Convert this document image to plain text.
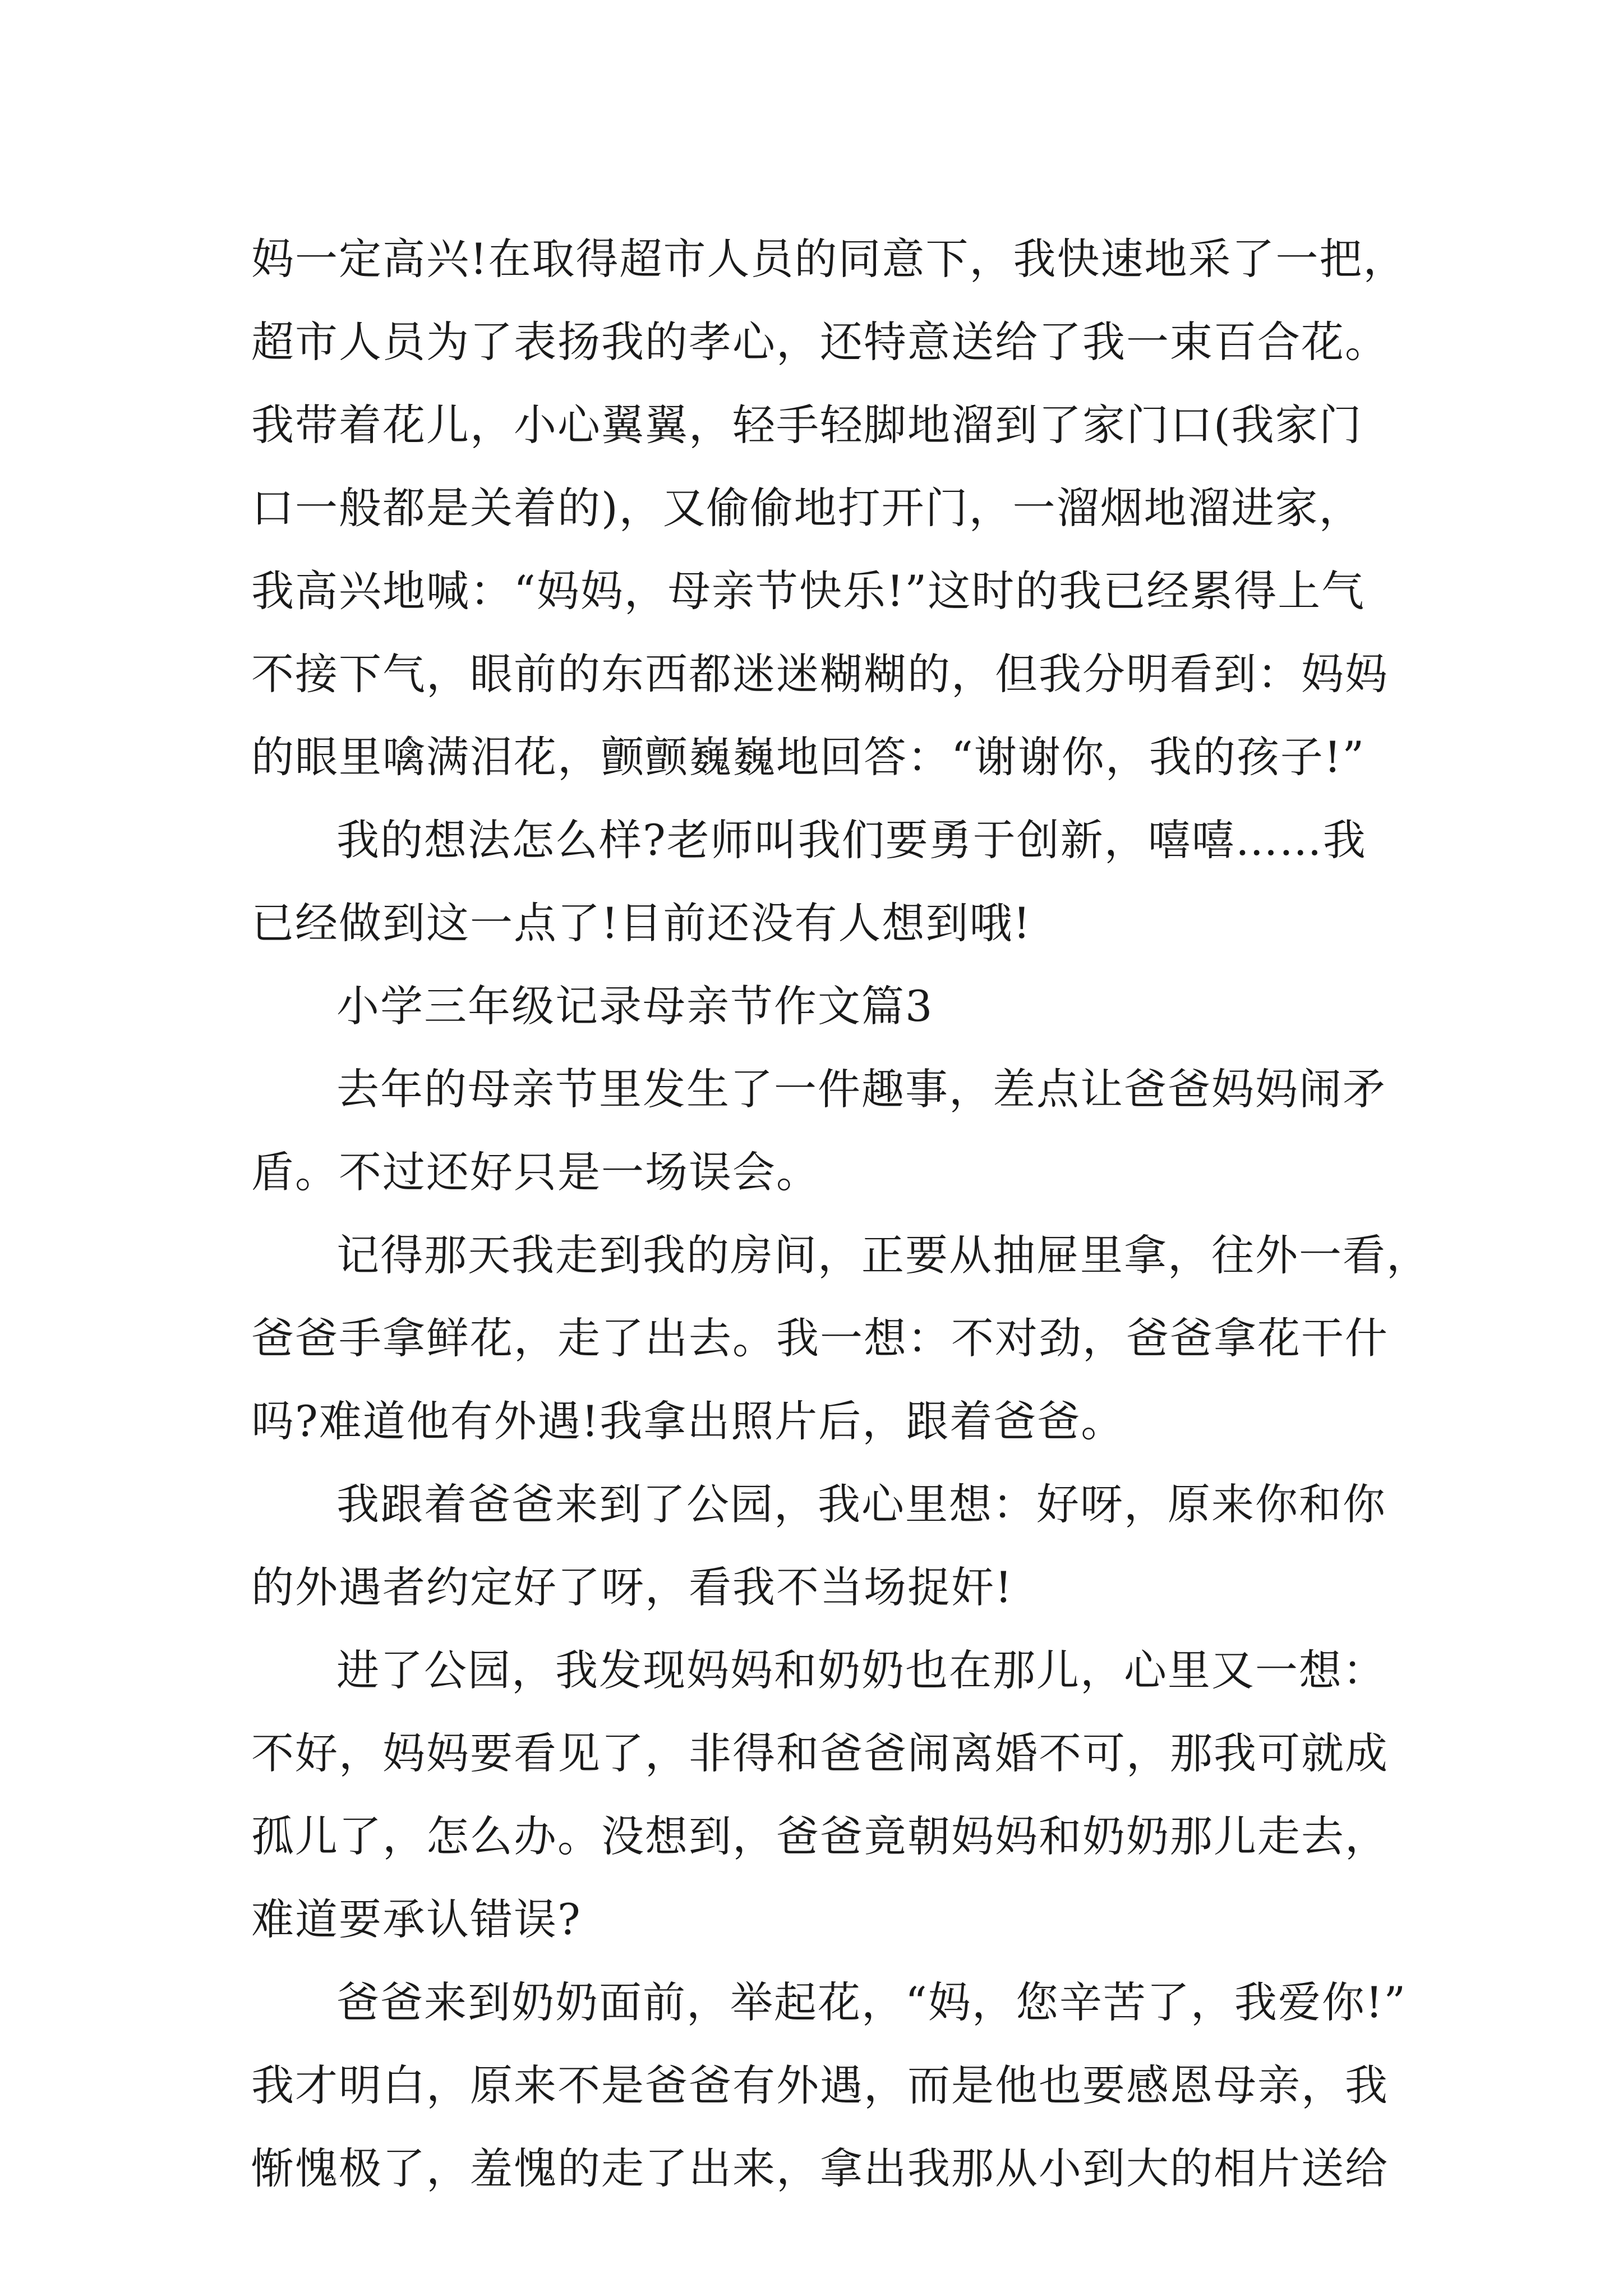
妈一定高兴!在取得超市人员的同意下，我快速地采了一把，
超市人员为了表扬我的孝心，还特意送给了我一束百合花。
我带着花儿，小心翼翼，轻手轻脚地溜到了家门口(我家门
口一般都是关着的)，又偷偷地打开门，一溜烟地溜进家，
我高兴地喊：“妈妈，母亲节快乐!”这时的我已经累得上气
不接下气，眼前的东西都迷迷糊糊的，但我分明看到：妈妈
的眼里噙满泪花，颤颤巍巍地回答：“谢谢你，我的孩子!”
我的想法怎么样?老师叫我们要勇于创新，嘻嘻……我
已经做到这一点了!目前还没有人想到哦!
小学三年级记录母亲节作文篇3
去年的母亲节里发生了一件趣事，差点让爸爸妈妈闹矛
盾。不过还好只是一场误会。
记得那天我走到我的房间，正要从抽屉里拿，往外一看，
爸爸手拿鲜花，走了出去。我一想：不对劲，爸爸拿花干什
吗?难道他有外遇!我拿出照片后，跟着爸爸。
我跟着爸爸来到了公园，我心里想：好呀，原来你和你
的外遇者约定好了呀，看我不当场捉奸!
进了公园，我发现妈妈和奶奶也在那儿，心里又一想：
不好，妈妈要看见了，非得和爸爸闹离婚不可，那我可就成
孤儿了，怎么办。没想到，爸爸竟朝妈妈和奶奶那儿走去，
难道要承认错误?
爸爸来到奶奶面前，举起花，“妈，您辛苦了，我爱你!”
我才明白，原来不是爸爸有外遇，而是他也要感恩母亲，我
惭愧极了，羞愧的走了出来，拿出我那从小到大的相片送给
